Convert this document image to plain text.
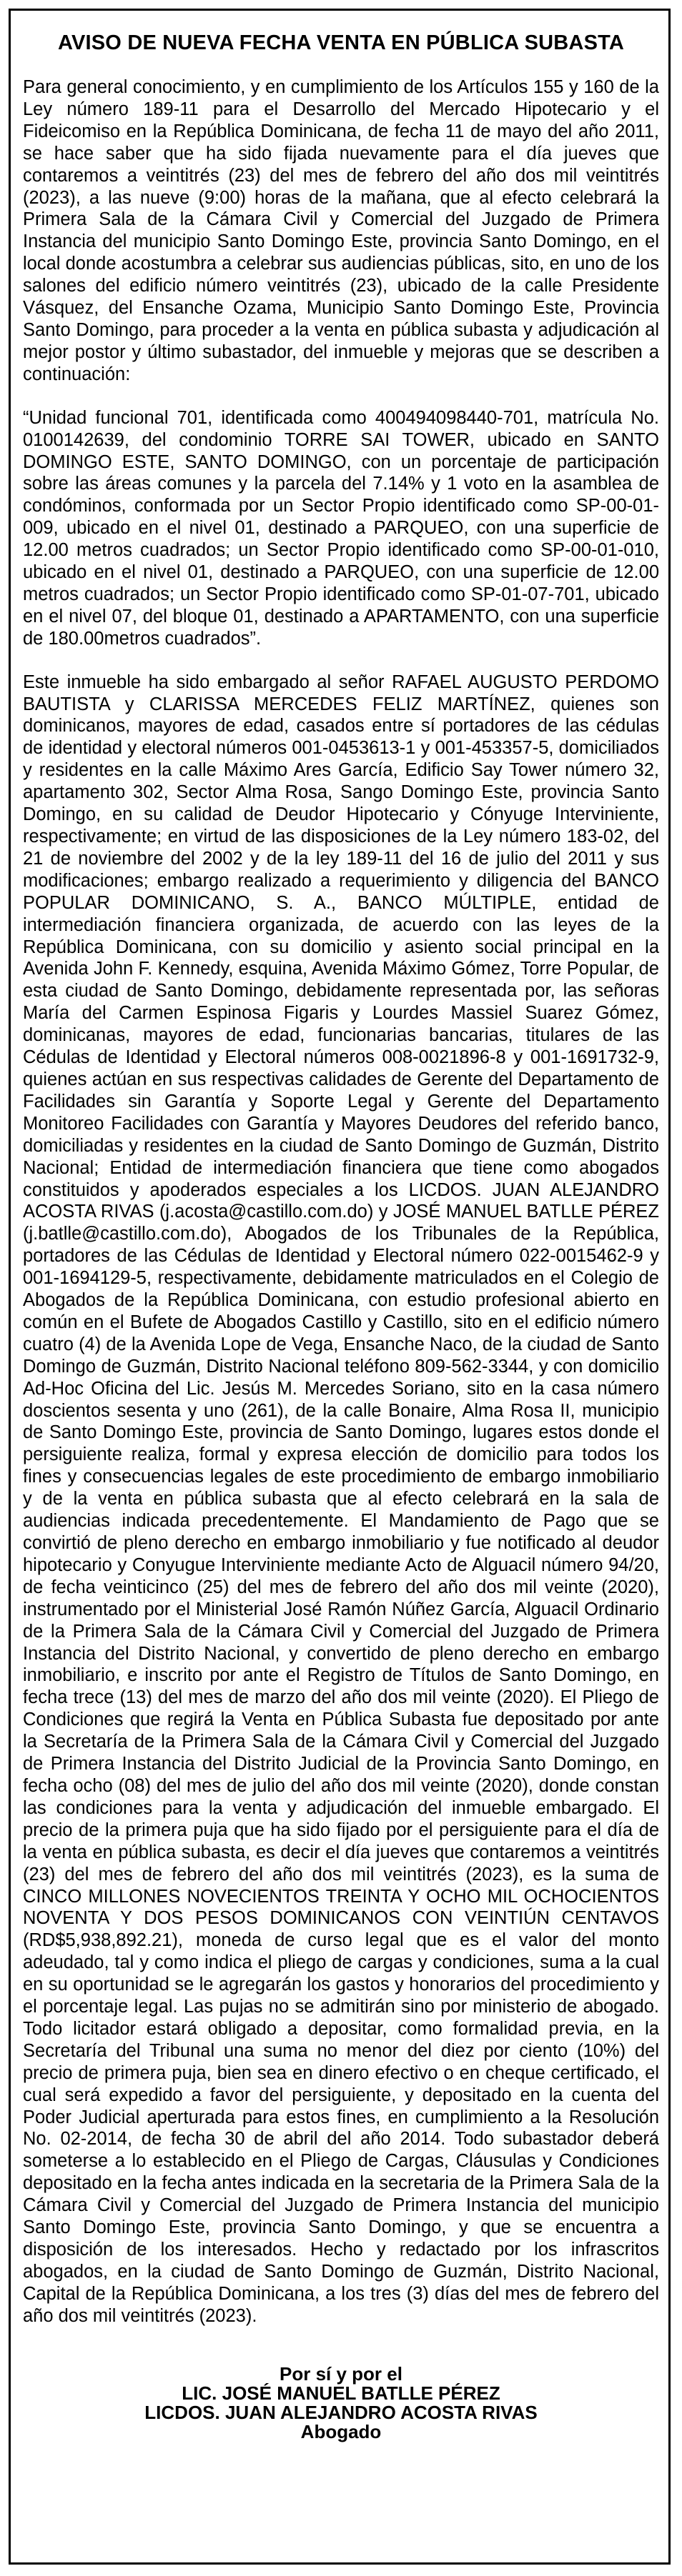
AVISO DE NUEVA FECHA VENTA EN PÚBLICA SUBASTA

Para general conocimiento, y en cumplimiento de los Artículos 155 y 160 de la Ley número 189-11 para el Desarrollo del Mercado Hipotecario y el Fideicomiso en la República Dominicana, de fecha 11 de mayo del año 2011, se hace saber que ha sido fijada nuevamente para el día jueves que contaremos a veintitrés (23) del mes de febrero del año dos mil veintitrés (2023), a las nueve (9:00) horas de la mañana, que al efecto celebrará la Primera Sala de la Cámara Civil y Comercial del Juzgado de Primera Instancia del municipio Santo Domingo Este, provincia Santo Domingo, en el local donde acostumbra a celebrar sus audiencias públicas, sito, en uno de los salones del edificio número veintitrés (23), ubicado de la calle Presidente Vásquez, del Ensanche Ozama, Municipio Santo Domingo Este, Provincia Santo Domingo, para proceder a la venta en pública subasta y adjudicación al mejor postor y último subastador, del inmueble y mejoras que se describen a continuación:

“Unidad funcional 701, identificada como 400494098440-701, matrícula No. 0100142639, del condominio TORRE SAI TOWER, ubicado en SANTO DOMINGO ESTE, SANTO DOMINGO, con un porcentaje de participación sobre las áreas comunes y la parcela del 7.14% y 1 voto en la asamblea de condóminos, conformada por un Sector Propio identificado como SP-00-01-009, ubicado en el nivel 01, destinado a PARQUEO, con una superficie de 12.00 metros cuadrados; un Sector Propio identificado como SP-00-01-010, ubicado en el nivel 01, destinado a PARQUEO, con una superficie de 12.00 metros cuadrados; un Sector Propio identificado como SP-01-07-701, ubicado en el nivel 07, del bloque 01, destinado a APARTAMENTO, con una superficie de 180.00metros cuadrados”.

Este inmueble ha sido embargado al señor RAFAEL AUGUSTO PERDOMO BAUTISTA y CLARISSA MERCEDES FELIZ MARTÍNEZ, quienes son dominicanos, mayores de edad, casados entre sí portadores de las cédulas de identidad y electoral números 001-0453613-1 y 001-453357-5, domiciliados y residentes en la calle Máximo Ares García, Edificio Say Tower número 32, apartamento 302, Sector Alma Rosa, Sango Domingo Este, provincia Santo Domingo, en su calidad de Deudor Hipotecario y Cónyuge Interviniente, respectivamente; en virtud de las disposiciones de la Ley número 183-02, del 21 de noviembre del 2002 y de la ley 189-11 del 16 de julio del 2011 y sus modificaciones; embargo realizado a requerimiento y diligencia del BANCO POPULAR DOMINICANO, S. A., BANCO MÚLTIPLE, entidad de intermediación financiera organizada, de acuerdo con las leyes de la República Dominicana, con su domicilio y asiento social principal en la Avenida John F. Kennedy, esquina, Avenida Máximo Gómez, Torre Popular, de esta ciudad de Santo Domingo, debidamente representada por, las señoras María del Carmen Espinosa Figaris y Lourdes Massiel Suarez Gómez, dominicanas, mayores de edad, funcionarias bancarias, titulares de las Cédulas de Identidad y Electoral números 008-0021896-8 y 001-1691732-9, quienes actúan en sus respectivas calidades de Gerente del Departamento de Facilidades sin Garantía y Soporte Legal y Gerente del Departamento Monitoreo Facilidades con Garantía y Mayores Deudores del referido banco, domiciliadas y residentes en la ciudad de Santo Domingo de Guzmán, Distrito Nacional; Entidad de intermediación financiera que tiene como abogados constituidos y apoderados especiales a los LICDOS. JUAN ALEJANDRO ACOSTA RIVAS (j.acosta@castillo.com.do) y JOSÉ MANUEL BATLLE PÉREZ (j.batlle@castillo.com.do), Abogados de los Tribunales de la República, portadores de las Cédulas de Identidad y Electoral número 022-0015462-9 y 001-1694129-5, respectivamente, debidamente matriculados en el Colegio de Abogados de la República Dominicana, con estudio profesional abierto en común en el Bufete de Abogados Castillo y Castillo, sito en el edificio número cuatro (4) de la Avenida Lope de Vega, Ensanche Naco, de la ciudad de Santo Domingo de Guzmán, Distrito Nacional teléfono 809-562-3344, y con domicilio Ad-Hoc Oficina del Lic. Jesús M. Mercedes Soriano, sito en la casa número doscientos sesenta y uno (261), de la calle Bonaire, Alma Rosa II, municipio de Santo Domingo Este, provincia de Santo Domingo, lugares estos donde el persiguiente realiza, formal y expresa elección de domicilio para todos los fines y consecuencias legales de este procedimiento de embargo inmobiliario y de la venta en pública subasta que al efecto celebrará en la sala de audiencias indicada precedentemente. El Mandamiento de Pago que se convirtió de pleno derecho en embargo inmobiliario y fue notificado al deudor hipotecario y Conyugue Interviniente mediante Acto de Alguacil número 94/20, de fecha veinticinco (25) del mes de febrero del año dos mil veinte (2020), instrumentado por el Ministerial José Ramón Núñez García, Alguacil Ordinario de la Primera Sala de la Cámara Civil y Comercial del Juzgado de Primera Instancia del Distrito Nacional, y convertido de pleno derecho en embargo inmobiliario, e inscrito por ante el Registro de Títulos de Santo Domingo, en fecha trece (13) del mes de marzo del año dos mil veinte (2020). El Pliego de Condiciones que regirá la Venta en Pública Subasta fue depositado por ante la Secretaría de la Primera Sala de la Cámara Civil y Comercial del Juzgado de Primera Instancia del Distrito Judicial de la Provincia Santo Domingo, en fecha ocho (08) del mes de julio del año dos mil veinte (2020), donde constan las condiciones para la venta y adjudicación del inmueble embargado. El precio de la primera puja que ha sido fijado por el persiguiente para el día de la venta en pública subasta, es decir el día jueves que contaremos a veintitrés (23) del mes de febrero del año dos mil veintitrés (2023), es la suma de CINCO MILLONES NOVECIENTOS TREINTA Y OCHO MIL OCHOCIENTOS NOVENTA Y DOS PESOS DOMINICANOS CON VEINTIÚN CENTAVOS (RD$5,938,892.21), moneda de curso legal que es el valor del monto adeudado, tal y como indica el pliego de cargas y condiciones, suma a la cual en su oportunidad se le agregarán los gastos y honorarios del procedimiento y el porcentaje legal. Las pujas no se admitirán sino por ministerio de abogado. Todo licitador estará obligado a depositar, como formalidad previa, en la Secretaría del Tribunal una suma no menor del diez por ciento (10%) del precio de primera puja, bien sea en dinero efectivo o en cheque certificado, el cual será expedido a favor del persiguiente, y depositado en la cuenta del Poder Judicial aperturada para estos fines, en cumplimiento a la Resolución No. 02-2014, de fecha 30 de abril del año 2014. Todo subastador deberá someterse a lo establecido en el Pliego de Cargas, Cláusulas y Condiciones depositado en la fecha antes indicada en la secretaria de la Primera Sala de la Cámara Civil y Comercial del Juzgado de Primera Instancia del municipio Santo Domingo Este, provincia Santo Domingo, y que se encuentra a disposición de los interesados. Hecho y redactado por los infrascritos abogados, en la ciudad de Santo Domingo de Guzmán, Distrito Nacional, Capital de la República Dominicana, a los tres (3) días del mes de febrero del año dos mil veintitrés (2023).

Por sí y por el
LIC. JOSÉ MANUEL BATLLE PÉREZ
LICDOS. JUAN ALEJANDRO ACOSTA RIVAS
Abogado
